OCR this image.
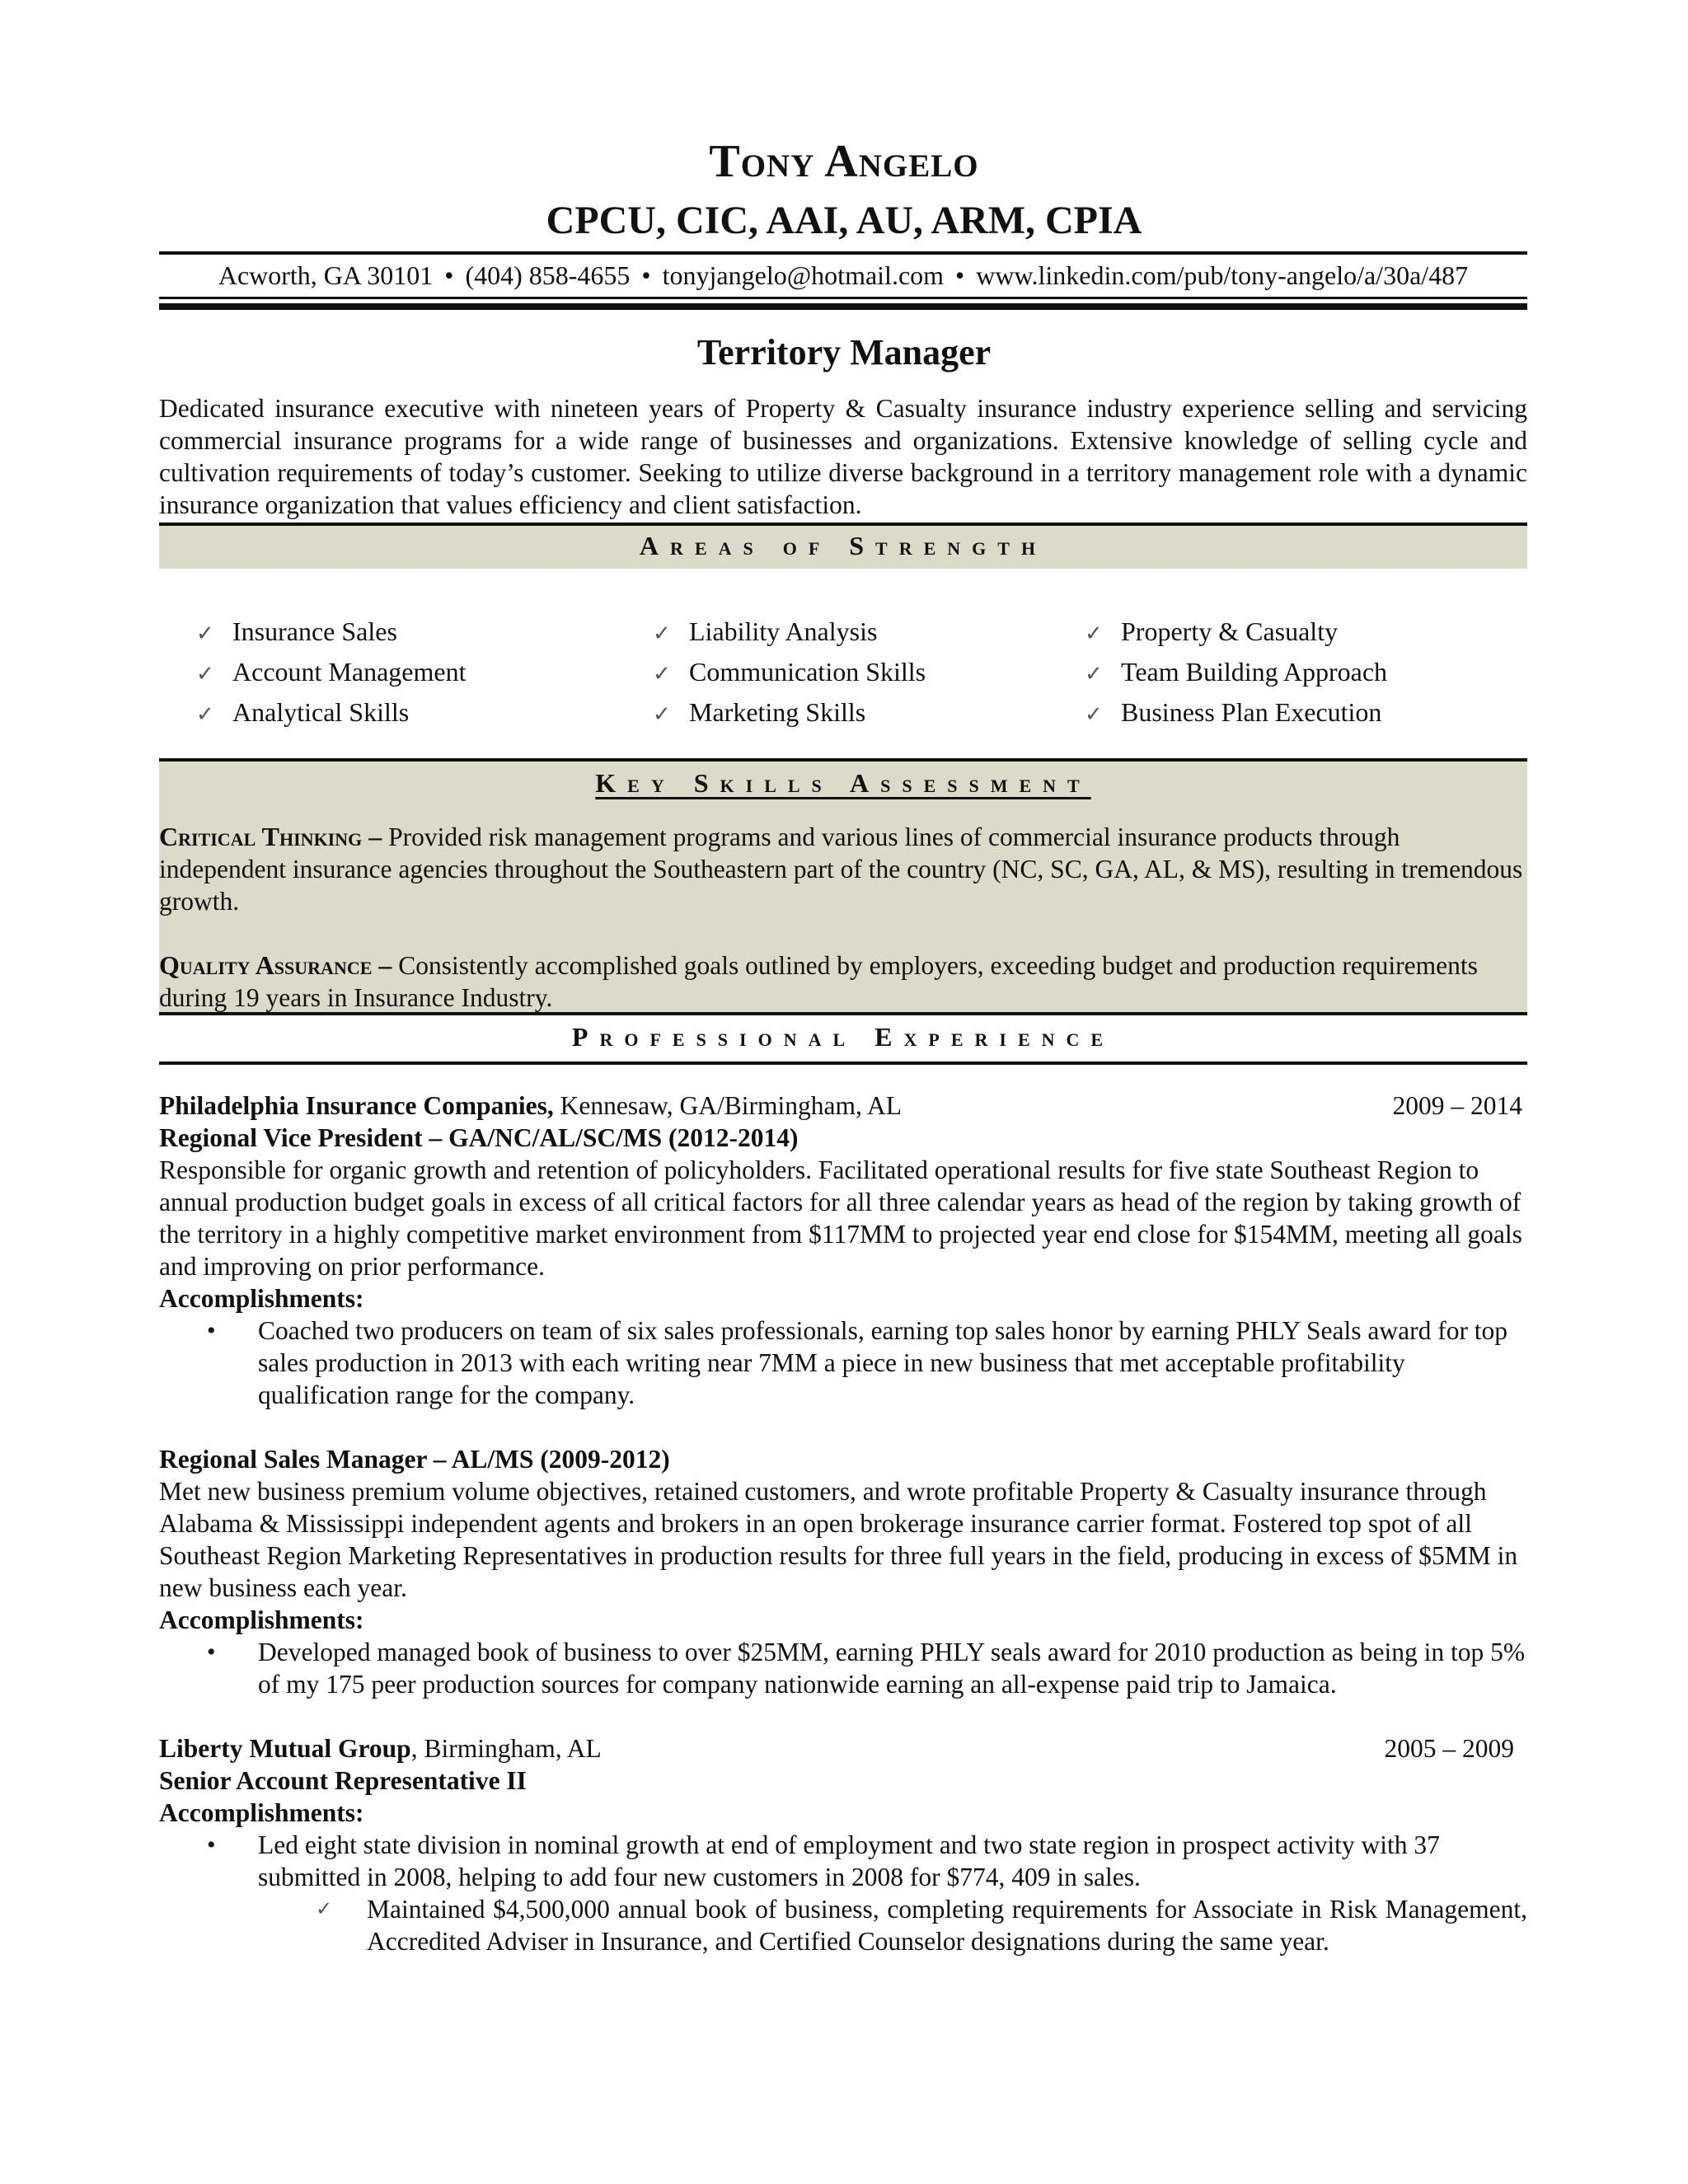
Tony Angelo
CPCU, CIC, AAI, AU, ARM, CPIA
Acworth, GA 30101 • (404) 858-4655 • tonyjangelo@hotmail.com • www.linkedin.com/pub/tony-angelo/a/30a/487
Territory Manager
Dedicated insurance executive with nineteen years of Property & Casualty insurance industry experience selling and servicing commercial insurance programs for a wide range of businesses and organizations. Extensive knowledge of selling cycle and cultivation requirements of today’s customer. Seeking to utilize diverse background in a territory management role with a dynamic insurance organization that values efficiency and client satisfaction.
Areas of Strength
✓ Insurance Sales
✓ Account Management
✓ Analytical Skills
✓ Liability Analysis
✓ Communication Skills
✓ Marketing Skills
✓ Property & Casualty
✓ Team Building Approach
✓ Business Plan Execution
Key Skills Assessment
Critical Thinking – Provided risk management programs and various lines of commercial insurance products through independent insurance agencies throughout the Southeastern part of the country (NC, SC, GA, AL, & MS), resulting in tremendous growth.
Quality Assurance – Consistently accomplished goals outlined by employers, exceeding budget and production requirements during 19 years in Insurance Industry.
Professional Experience
Philadelphia Insurance Companies, Kennesaw, GA/Birmingham, AL	2009 – 2014
Regional Vice President – GA/NC/AL/SC/MS (2012-2014)
Responsible for organic growth and retention of policyholders. Facilitated operational results for five state Southeast Region to annual production budget goals in excess of all critical factors for all three calendar years as head of the region by taking growth of the territory in a highly competitive market environment from $117MM to projected year end close for $154MM, meeting all goals and improving on prior performance.
Accomplishments:
• Coached two producers on team of six sales professionals, earning top sales honor by earning PHLY Seals award for top sales production in 2013 with each writing near 7MM a piece in new business that met acceptable profitability qualification range for the company.
Regional Sales Manager – AL/MS (2009-2012)
Met new business premium volume objectives, retained customers, and wrote profitable Property & Casualty insurance through Alabama & Mississippi independent agents and brokers in an open brokerage insurance carrier format. Fostered top spot of all Southeast Region Marketing Representatives in production results for three full years in the field, producing in excess of $5MM in new business each year.
Accomplishments:
• Developed managed book of business to over $25MM, earning PHLY seals award for 2010 production as being in top 5% of my 175 peer production sources for company nationwide earning an all-expense paid trip to Jamaica.
Liberty Mutual Group, Birmingham, AL	2005 – 2009
Senior Account Representative II
Accomplishments:
• Led eight state division in nominal growth at end of employment and two state region in prospect activity with 37 submitted in 2008, helping to add four new customers in 2008 for $774, 409 in sales.
✓ Maintained $4,500,000 annual book of business, completing requirements for Associate in Risk Management, Accredited Adviser in Insurance, and Certified Counselor designations during the same year.
